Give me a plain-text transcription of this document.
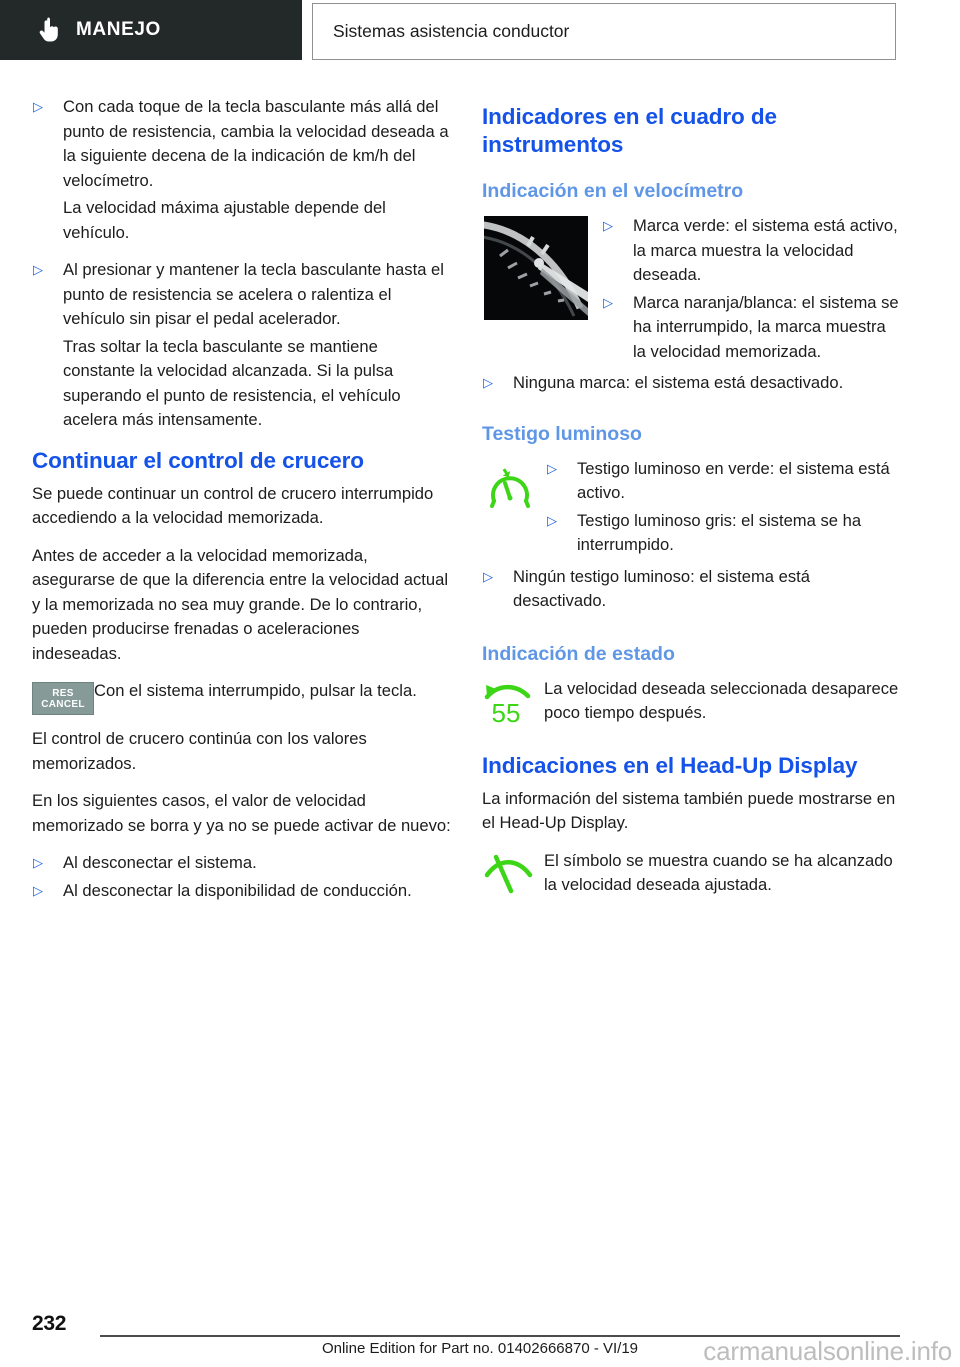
MANEJO	Sistemas asistencia conductor
▷	Con cada toque de la tecla basculante más allá del punto de resistencia, cambia la velocidad deseada a la siguiente decena de la indicación de km/h del velocímetro.
La velocidad máxima ajustable depende del vehículo.
▷	Al presionar y mantener la tecla basculante hasta el punto de resistencia se acelera o ralentiza el vehículo sin pisar el pedal acelerador.
Tras soltar la tecla basculante se mantiene constante la velocidad alcanzada. Si la pulsa superando el punto de resistencia, el vehículo acelera más intensamente.
Continuar el control de crucero

Se puede continuar un control de crucero interrumpido accediendo a la velocidad memorizada.

Antes de acceder a la velocidad memorizada, asegurarse de que la diferencia entre la velocidad actual y la memorizada no sea muy grande. De lo contrario, pueden producirse frenadas o aceleraciones indeseadas.

RES
CANCEL
Con el sistema interrumpido, pulsar la tecla.

El control de crucero continúa con los valores memorizados.

En los siguientes casos, el valor de velocidad memorizado se borra y ya no se puede activar de nuevo:

▷	Al desconectar el sistema.
▷	Al desconectar la disponibilidad de conducción.
Indicadores en el cuadro de instrumentos
Indicación en el velocímetro
▷	Marca verde: el sistema está activo, la marca muestra la velocidad deseada.
▷	Marca naranja/blanca: el sistema se ha interrumpido, la marca muestra la velocidad memorizada.
▷	Ninguna marca: el sistema está desactivado.
Testigo luminoso
▷	Testigo luminoso en verde: el sistema está activo.
▷	Testigo luminoso gris: el sistema se ha interrumpido.
▷	Ningún testigo luminoso: el sistema está desactivado.
Indicación de estado
55
La velocidad deseada seleccionada desaparece poco tiempo después.
Indicaciones en el Head-Up Display

La información del sistema también puede mostrarse en el Head-Up Display.

El símbolo se muestra cuando se ha alcanzado la velocidad deseada ajustada.
232
Online Edition for Part no. 01402666870 - VI/19	carmanualsonline.info
